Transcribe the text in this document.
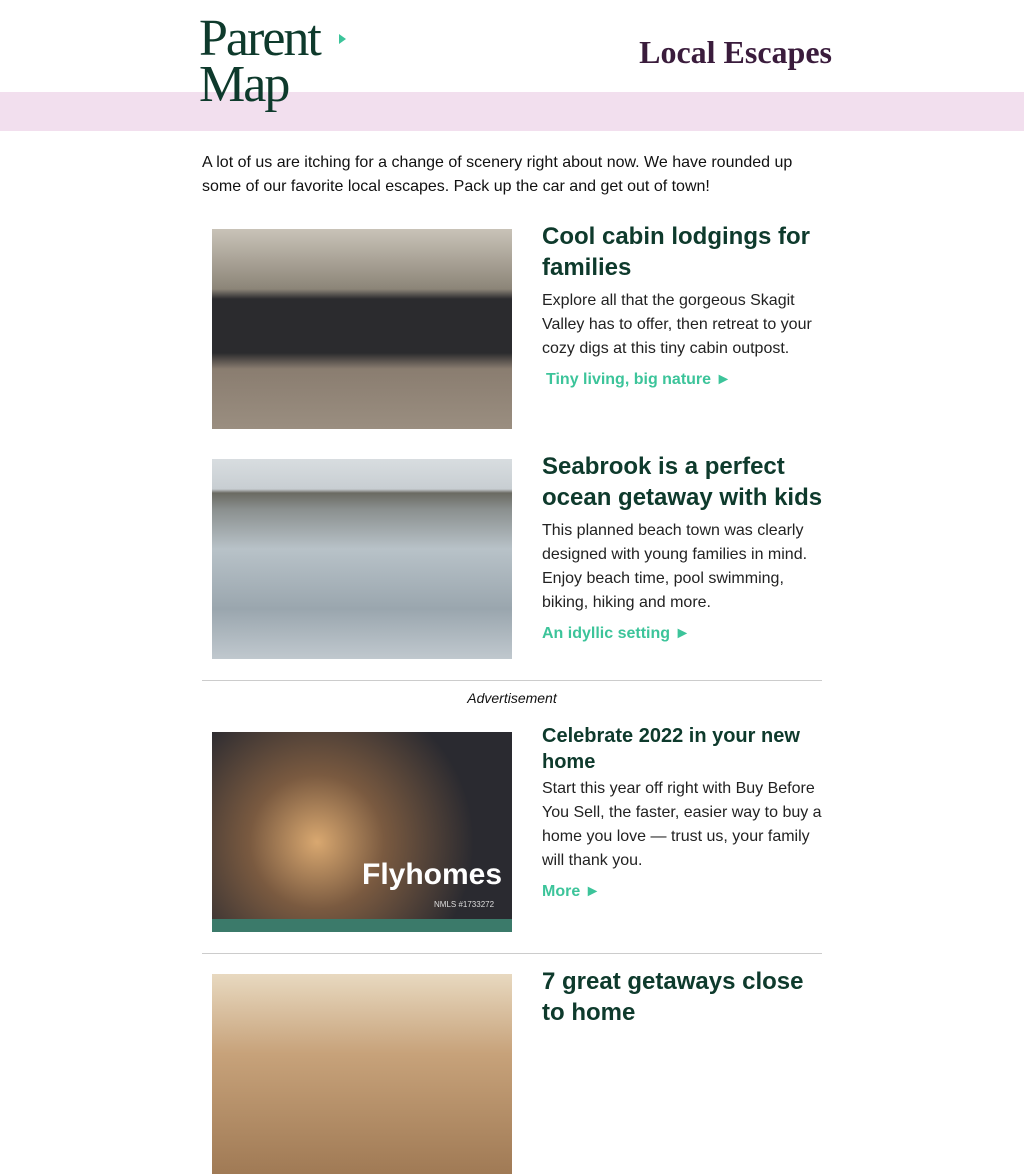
Parent
Map
Local Escapes
A lot of us are itching for a change of scenery right about now. We have rounded up some of our favorite local escapes. Pack up the car and get out of town!
Cool cabin lodgings for families
Explore all that the gorgeous Skagit Valley has to offer, then retreat to your cozy digs at this tiny cabin outpost.
Tiny living, big nature ►
Seabrook is a perfect ocean getaway with kids
This planned beach town was clearly designed with young families in mind. Enjoy beach time, pool swimming, biking, hiking and more.
An idyllic setting ►
Advertisement
Flyhomes
NMLS #1733272
Celebrate 2022 in your new home
Start this year off right with Buy Before You Sell, the faster, easier way to buy a home you love — trust us, your family will thank you.
More ►
7 great getaways close to home
